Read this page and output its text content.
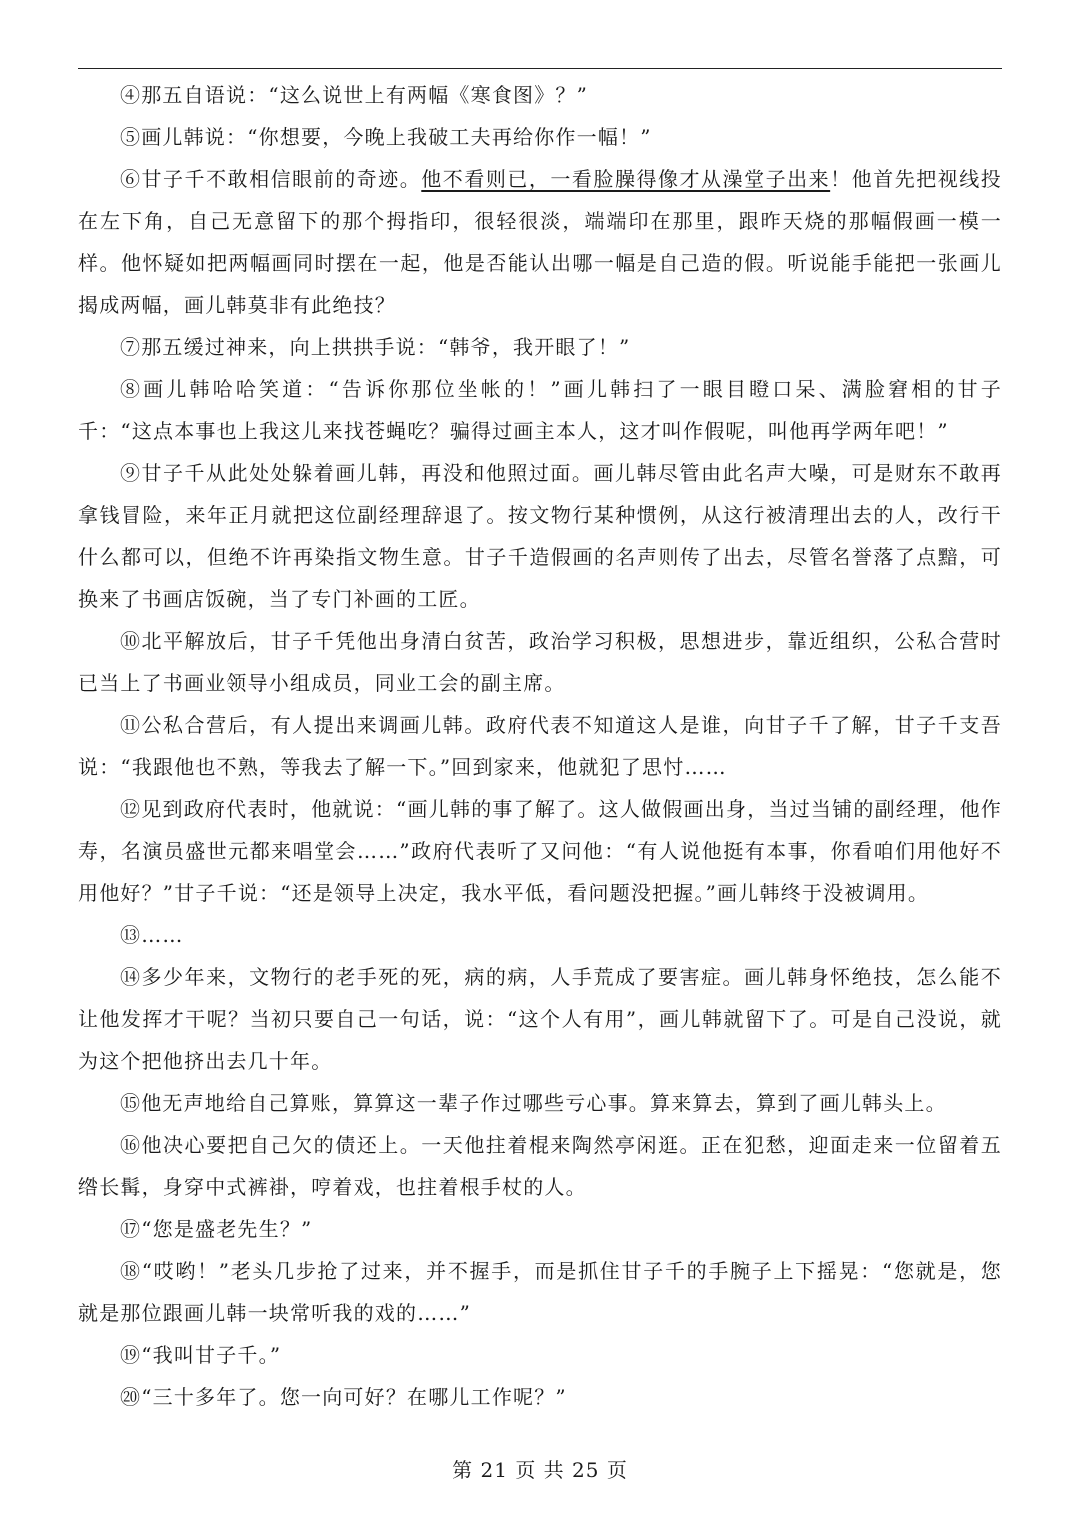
④那五自语说：“这么说世上有两幅《寒食图》？”

⑤画儿韩说：“你想要，今晚上我破工夫再给你作一幅！”

⑥甘子千不敢相信眼前的奇迹。他不看则已，一看脸臊得像才从澡堂子出来！他首先把视线投在左下角，自己无意留下的那个拇指印，很轻很淡，端端印在那里，跟昨天烧的那幅假画一模一样。他怀疑如把两幅画同时摆在一起，他是否能认出哪一幅是自己造的假。听说能手能把一张画儿揭成两幅，画儿韩莫非有此绝技？

⑦那五缓过神来，向上拱拱手说：“韩爷，我开眼了！”

⑧画儿韩哈哈笑道：“告诉你那位坐帐的！”画儿韩扫了一眼目瞪口呆、满脸窘相的甘子千：“这点本事也上我这儿来找苍蝇吃？骗得过画主本人，这才叫作假呢，叫他再学两年吧！”

⑨甘子千从此处处躲着画儿韩，再没和他照过面。画儿韩尽管由此名声大噪，可是财东不敢再拿钱冒险，来年正月就把这位副经理辞退了。按文物行某种惯例，从这行被清理出去的人，改行干什么都可以，但绝不许再染指文物生意。甘子千造假画的名声则传了出去，尽管名誉落了点黯，可换来了书画店饭碗，当了专门补画的工匠。

⑩北平解放后，甘子千凭他出身清白贫苦，政治学习积极，思想进步，靠近组织，公私合营时已当上了书画业领导小组成员，同业工会的副主席。

⑪公私合营后，有人提出来调画儿韩。政府代表不知道这人是谁，向甘子千了解，甘子千支吾说：“我跟他也不熟，等我去了解一下。”回到家来，他就犯了思忖……

⑫见到政府代表时，他就说：“画儿韩的事了解了。这人做假画出身，当过当铺的副经理，他作寿，名演员盛世元都来唱堂会……”政府代表听了又问他：“有人说他挺有本事，你看咱们用他好不用他好？”甘子千说：“还是领导上决定，我水平低，看问题没把握。”画儿韩终于没被调用。

⑬……

⑭多少年来，文物行的老手死的死，病的病，人手荒成了要害症。画儿韩身怀绝技，怎么能不让他发挥才干呢？当初只要自己一句话，说：“这个人有用”，画儿韩就留下了。可是自己没说，就为这个把他挤出去几十年。

⑮他无声地给自己算账，算算这一辈子作过哪些亏心事。算来算去，算到了画儿韩头上。

⑯他决心要把自己欠的债还上。一天他拄着棍来陶然亭闲逛。正在犯愁，迎面走来一位留着五绺长髯，身穿中式裤褂，哼着戏，也拄着根手杖的人。

⑰“您是盛老先生？”

⑱“哎哟！”老头几步抢了过来，并不握手，而是抓住甘子千的手腕子上下摇晃：“您就是，您就是那位跟画儿韩一块常听我的戏的……”

⑲“我叫甘子千。”

⑳“三十多年了。您一向可好？在哪儿工作呢？”

第 21 页 共 25 页
